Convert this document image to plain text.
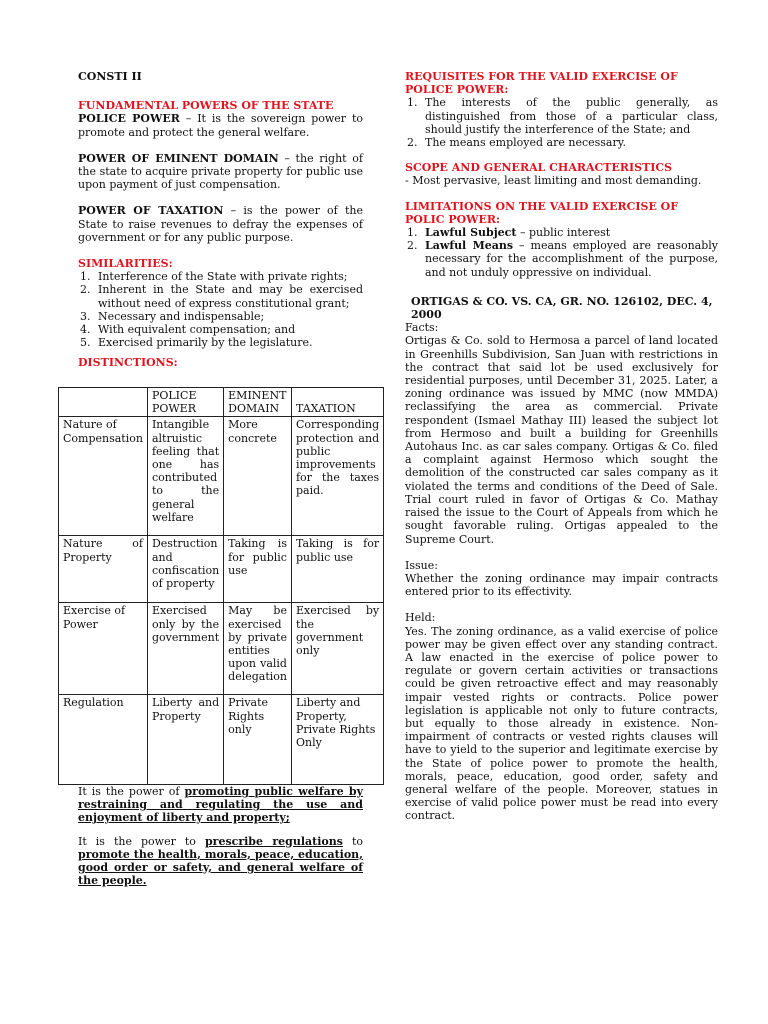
CONSTI II

FUNDAMENTAL POWERS OF THE STATE

POLICE POWER – It is the sovereign power to promote and protect the general welfare.

POWER OF EMINENT DOMAIN – the right of the state to acquire private property for public use upon payment of just compensation.

POWER OF TAXATION – is the power of the State to raise revenues to defray the expenses of government or for any public purpose.

SIMILARITIES:

1. Interference of the State with private rights;
2. Inherent in the State and may be exercised without need of express constitutional grant;
3. Necessary and indispensable;
4. With equivalent compensation; and
5. Exercised primarily by the legislature.

DISTINCTIONS:

	POLICE POWER	EMINENT DOMAIN	TAXATION
Nature of Compensation	Intangible altruistic feeling that one has contributed to the general welfare	More concrete	Corresponding protection and public improvements for the taxes paid.
Nature of Property	Destruction and confiscation of property	Taking is for public use	Taking is for public use
Exercise of Power	Exercised only by the government	May be exercised by private entities upon valid delegation	Exercised by the government only
Regulation	Liberty and Property	Private Rights only	Liberty and Property, Private Rights Only

It is the power of promoting public welfare by restraining and regulating the use and enjoyment of liberty and property;

It is the power to prescribe regulations to promote the health, morals, peace, education, good order or safety, and general welfare of the people.

REQUISITES FOR THE VALID EXERCISE OF POLICE POWER:

1. The interests of the public generally, as distinguished from those of a particular class, should justify the interference of the State; and
2. The means employed are necessary.

SCOPE AND GENERAL CHARACTERISTICS

- Most pervasive, least limiting and most demanding.

LIMITATIONS ON THE VALID EXERCISE OF POLIC POWER:

1. Lawful Subject – public interest
2. Lawful Means – means employed are reasonably necessary for the accomplishment of the purpose, and not unduly oppressive on individual.

ORTIGAS & CO. VS. CA, GR. NO. 126102, DEC. 4, 2000

Facts:

Ortigas & Co. sold to Hermosa a parcel of land located in Greenhills Subdivision, San Juan with restrictions in the contract that said lot be used exclusively for residential purposes, until December 31, 2025. Later, a zoning ordinance was issued by MMC (now MMDA) reclassifying the area as commercial. Private respondent (Ismael Mathay III) leased the subject lot from Hermoso and built a building for Greenhills Autohaus Inc. as car sales company. Ortigas & Co. filed a complaint against Hermoso which sought the demolition of the constructed car sales company as it violated the terms and conditions of the Deed of Sale. Trial court ruled in favor of Ortigas & Co. Mathay raised the issue to the Court of Appeals from which he sought favorable ruling. Ortigas appealed to the Supreme Court.

Issue:

Whether the zoning ordinance may impair contracts entered prior to its effectivity.

Held:

Yes. The zoning ordinance, as a valid exercise of police power may be given effect over any standing contract. A law enacted in the exercise of police power to regulate or govern certain activities or transactions could be given retroactive effect and may reasonably impair vested rights or contracts. Police power legislation is applicable not only to future contracts, but equally to those already in existence. Non-impairment of contracts or vested rights clauses will have to yield to the superior and legitimate exercise by the State of police power to promote the health, morals, peace, education, good order, safety and general welfare of the people. Moreover, statues in exercise of valid police power must be read into every contract.
